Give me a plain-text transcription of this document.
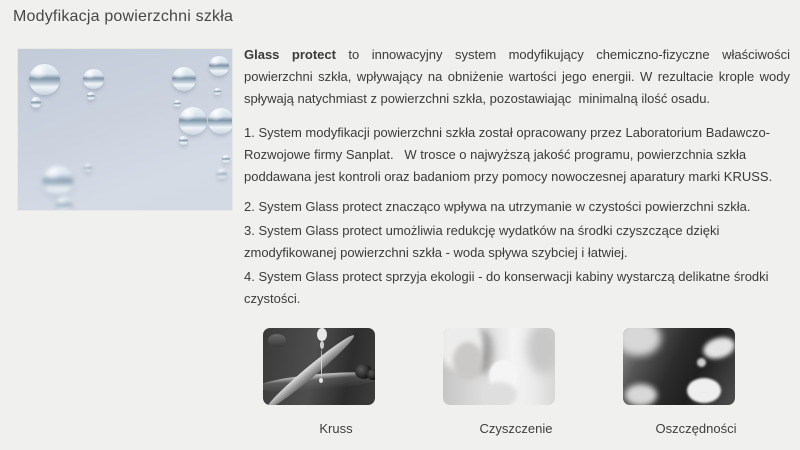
Modyfikacja powierzchni szkła

Glass protect to innowacyjny system modyfikujący chemiczno-fizyczne właściwości powierzchni szkła, wpływający na obniżenie wartości jego energii. W rezultacie krople wody spływają natychmiast z powierzchni szkła, pozostawiając  minimalną ilość osadu.

1. System modyfikacji powierzchni szkła został opracowany przez Laboratorium Badawczo-Rozwojowe firmy Sanplat.   W trosce o najwyższą jakość programu, powierzchnia szkła poddawana jest kontroli oraz badaniom przy pomocy nowoczesnej aparatury marki KRUSS.

2. System Glass protect znacząco wpływa na utrzymanie w czystości powierzchni szkła.

3. System Glass protect umożliwia redukcję wydatków na środki czyszczące dzięki zmodyfikowanej powierzchni szkła - woda spływa szybciej i łatwiej.

4. System Glass protect sprzyja ekologii - do konserwacji kabiny wystarczą delikatne środki czystości.

Kruss	Czyszczenie	Oszczędności
